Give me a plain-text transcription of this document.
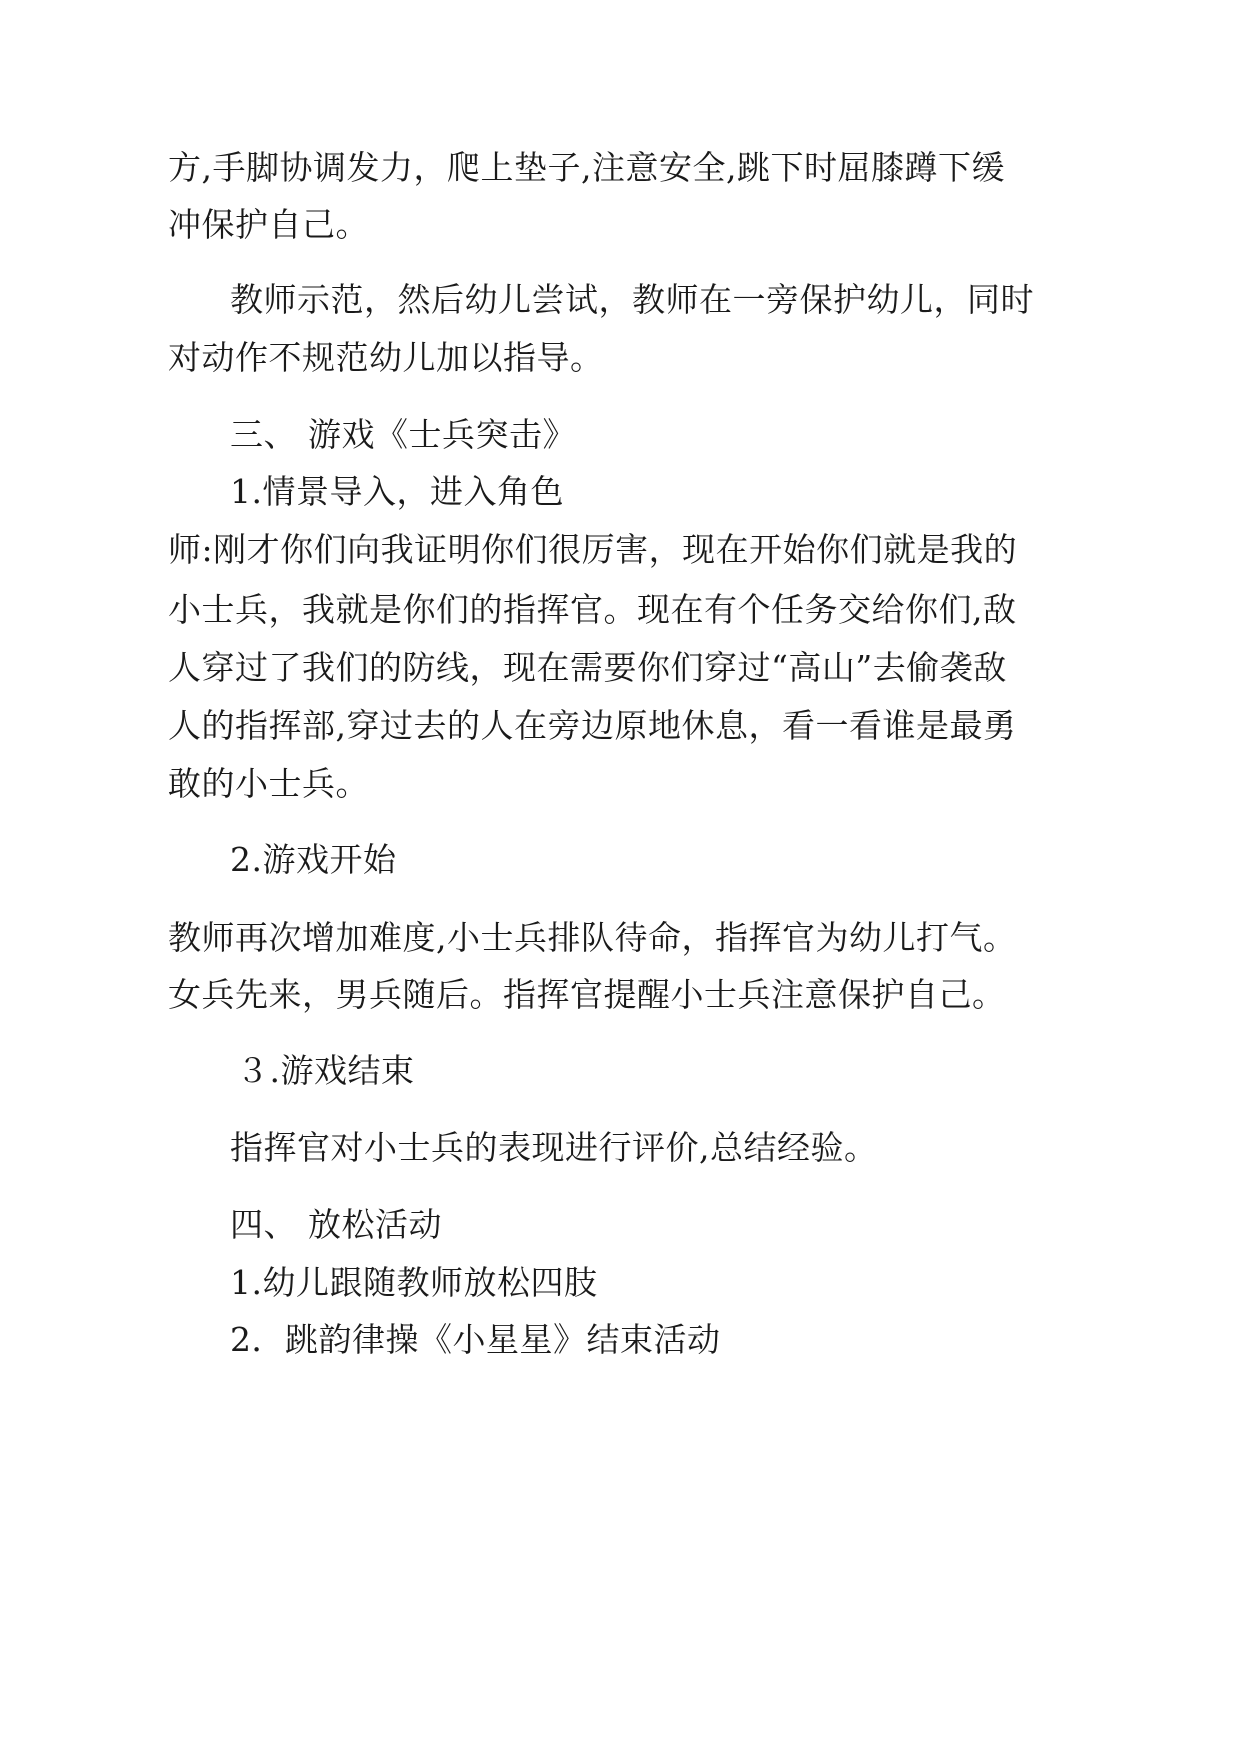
方,手脚协调发力，爬上垫子,注意安全,跳下时屈膝蹲下缓
冲保护自己。
教师示范，然后幼儿尝试，教师在一旁保护幼儿，同时
对动作不规范幼儿加以指导。
三、 游戏《士兵突击》
1.情景导入，进入角色
师:刚才你们向我证明你们很厉害，现在开始你们就是我的
小士兵，我就是你们的指挥官。现在有个任务交给你们,敌
人穿过了我们的防线，现在需要你们穿过“高山”去偷袭敌
人的指挥部,穿过去的人在旁边原地休息，看一看谁是最勇
敢的小士兵。
2.游戏开始
教师再次增加难度,小士兵排队待命，指挥官为幼儿打气。
女兵先来，男兵随后。指挥官提醒小士兵注意保护自己。
３.游戏结束
指挥官对小士兵的表现进行评价,总结经验。
四、 放松活动
1.幼儿跟随教师放松四肢
2．跳韵律操《小星星》结束活动
